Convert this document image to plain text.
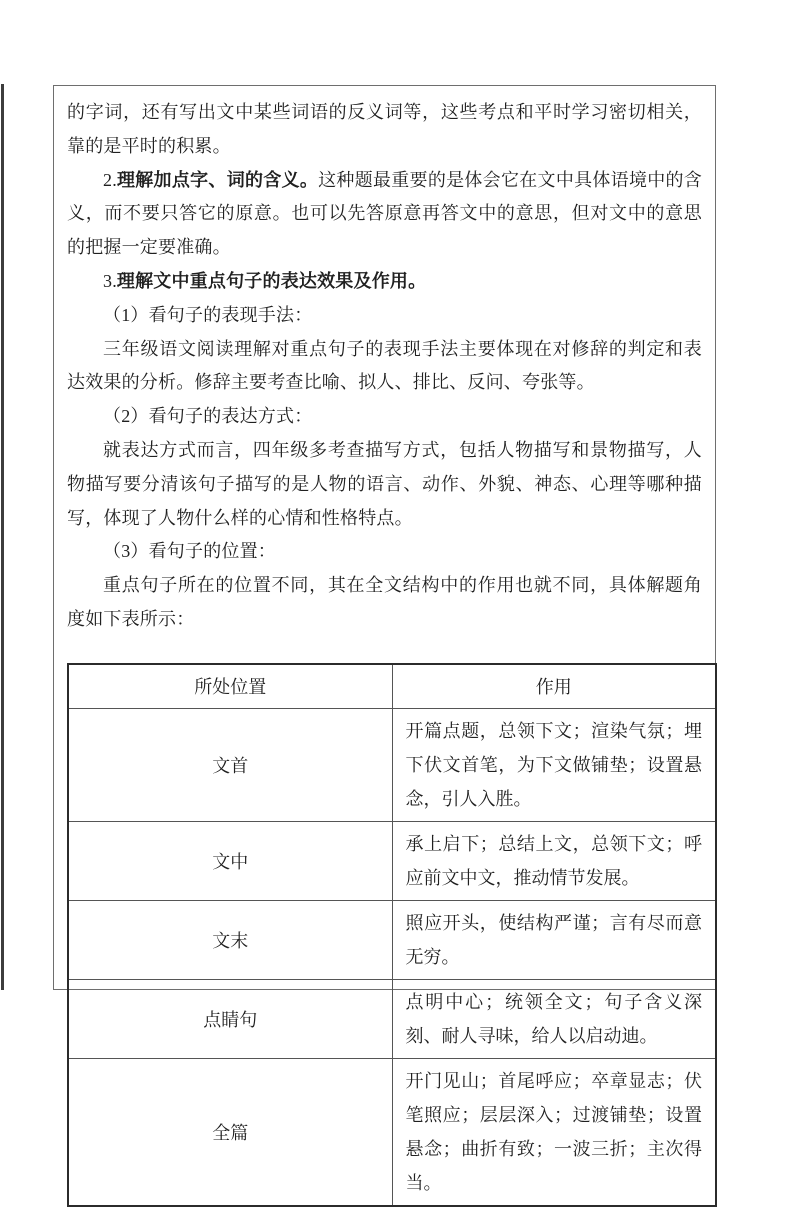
的字词，还有写出文中某些词语的反义词等，这些考点和平时学习密切相关，靠的是平时的积累。

2.理解加点字、词的含义。这种题最重要的是体会它在文中具体语境中的含义，而不要只答它的原意。也可以先答原意再答文中的意思，但对文中的意思的把握一定要准确。

3.理解文中重点句子的表达效果及作用。

（1）看句子的表现手法：

三年级语文阅读理解对重点句子的表现手法主要体现在对修辞的判定和表达效果的分析。修辞主要考查比喻、拟人、排比、反问、夸张等。

（2）看句子的表达方式：

就表达方式而言，四年级多考查描写方式，包括人物描写和景物描写，人物描写要分清该句子描写的是人物的语言、动作、外貌、神态、心理等哪种描写，体现了人物什么样的心情和性格特点。

（3）看句子的位置：

重点句子所在的位置不同，其在全文结构中的作用也就不同，具体解题角度如下表所示：

所处位置	作用
文首	开篇点题，总领下文；渲染气氛；埋下伏文首笔，为下文做铺垫；设置悬念，引人入胜。
文中	承上启下；总结上文，总领下文；呼应前文中文，推动情节发展。
文末	照应开头，使结构严谨；言有尽而意无穷。
点睛句	点明中心；统领全文；句子含义深刻、耐人寻味，给人以启动迪。
全篇	开门见山；首尾呼应；卒章显志；伏笔照应；层层深入；过渡铺垫；设置悬念；曲折有致；一波三折；主次得当。
